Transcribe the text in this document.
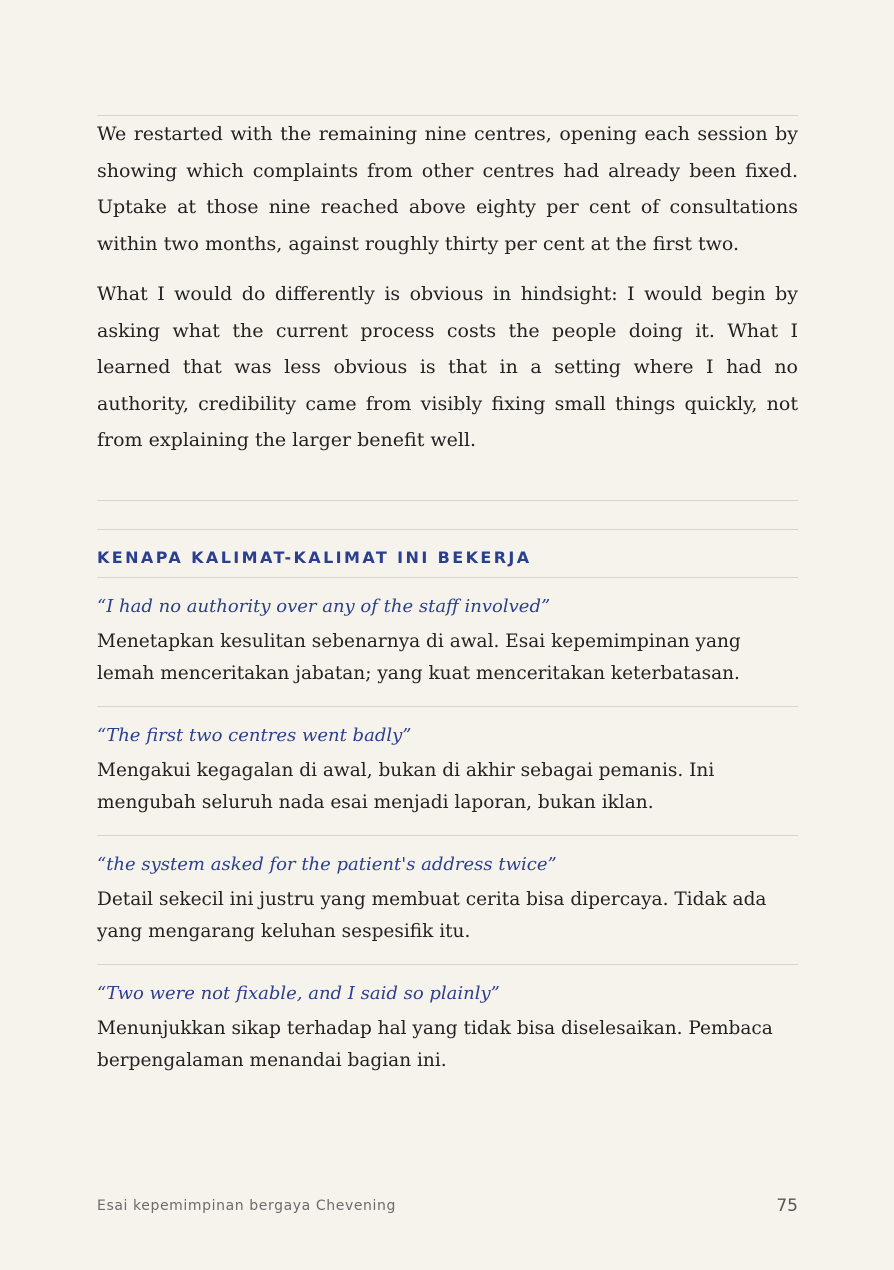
We restarted with the remaining nine centres, opening each session by showing which complaints from other centres had already been fixed. Uptake at those nine reached above eighty per cent of consultations within two months, against roughly thirty per cent at the first two.

What I would do differently is obvious in hindsight: I would begin by asking what the current process costs the people doing it. What I learned that was less obvious is that in a setting where I had no authority, credibility came from visibly fixing small things quickly, not from explaining the larger benefit well.

KENAPA KALIMAT-KALIMAT INI BEKERJA

“I had no authority over any of the staff involved”

Menetapkan kesulitan sebenarnya di awal. Esai kepemimpinan yang lemah menceritakan jabatan; yang kuat menceritakan keterbatasan.

“The first two centres went badly”

Mengakui kegagalan di awal, bukan di akhir sebagai pemanis. Ini mengubah seluruh nada esai menjadi laporan, bukan iklan.

“the system asked for the patient's address twice”

Detail sekecil ini justru yang membuat cerita bisa dipercaya. Tidak ada yang mengarang keluhan sespesifik itu.

“Two were not fixable, and I said so plainly”

Menunjukkan sikap terhadap hal yang tidak bisa diselesaikan. Pembaca berpengalaman menandai bagian ini.

Esai kepemimpinan bergaya Chevening	75
